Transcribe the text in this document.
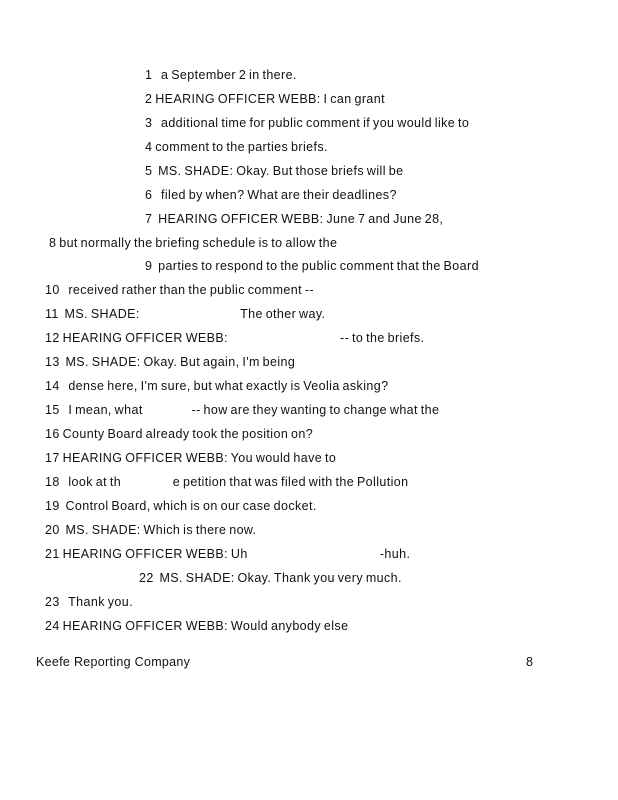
1   a September 2 in there.
2 HEARING OFFICER WEBB: I can grant
3   additional time for public comment if you would like to
4 comment to the parties briefs.
5  MS. SHADE: Okay. But those briefs will be
6   filed by when? What are their deadlines?
7  HEARING OFFICER WEBB: June 7 and June 28,
8 but normally the briefing schedule is to allow the
9  parties to respond to the public comment that the Board
10   received rather than the public comment --
11  MS. SHADE:                                   The other way.
12 HEARING OFFICER WEBB:                                       -- to the briefs.
13  MS. SHADE: Okay. But again, I'm being
14   dense here, I'm sure, but what exactly is Veolia asking?
15   I mean, what                 -- how are they wanting to change what the
16 County Board already took the position on?
17 HEARING OFFICER WEBB: You would have to
18   look at th                  e petition that was filed with the Pollution
19  Control Board, which is on our case docket.
20  MS. SHADE: Which is there now.
21 HEARING OFFICER WEBB: Uh                                              -huh.
22  MS. SHADE: Okay. Thank you very much.
23   Thank you.
24 HEARING OFFICER WEBB: Would anybody else
Keefe Reporting Company	8
